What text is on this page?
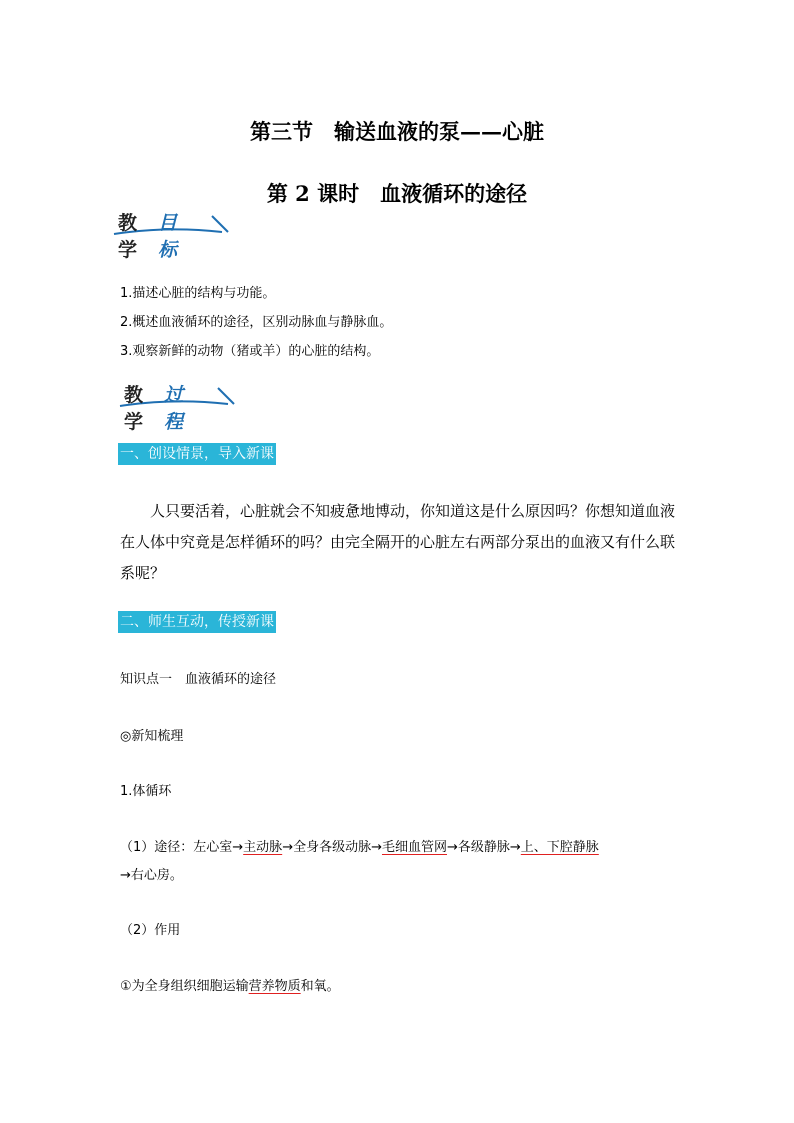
第三节　输送血液的泵——心脏
第 2 课时　血液循环的途径
教学
目标
1.描述心脏的结构与功能。
2.概述血液循环的途径，区别动脉血与静脉血。
3.观察新鲜的动物（猪或羊）的心脏的结构。
教学
过程
一、创设情景，导入新课
人只要活着，心脏就会不知疲惫地博动，你知道这是什么原因吗？你想知道血液在人体中究竟是怎样循环的吗？由完全隔开的心脏左右两部分泵出的血液又有什么联系呢？
二、师生互动，传授新课
知识点一　血液循环的途径
◎新知梳理
1.体循环
（1）途径：左心室→主动脉→全身各级动脉→毛细血管网→各级静脉→上、下腔静脉
→右心房。
（2）作用
①为全身组织细胞运输营养物质和氧。
